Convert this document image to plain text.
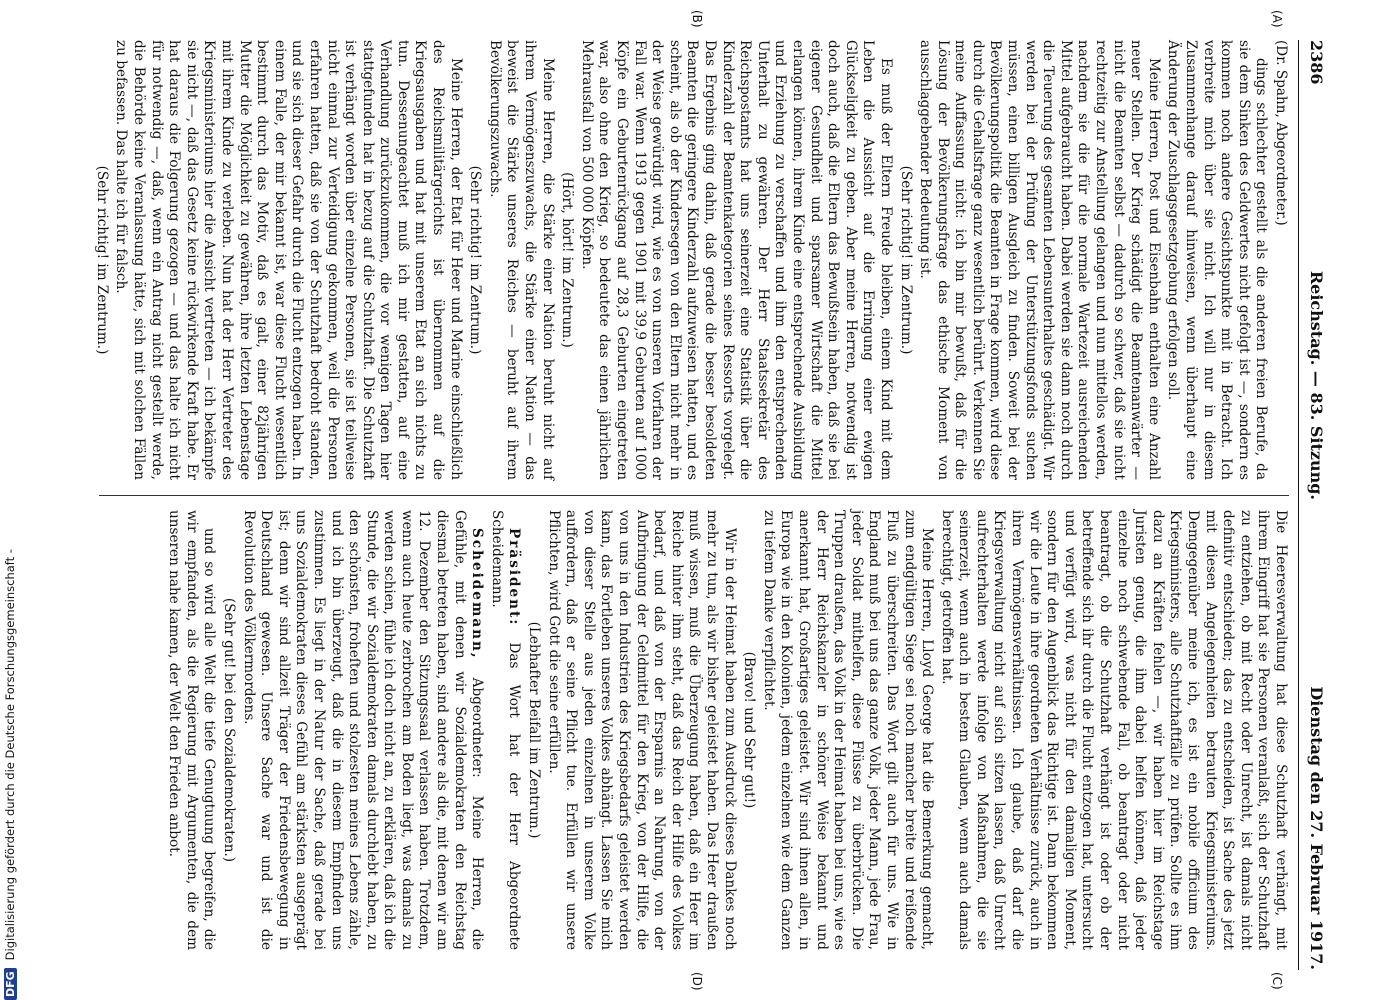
2386
Reichstag. — 83. Sitzung.
Dienstag den 27. Februar 1917.

(Dr. Spahn, Abgeordneter.)

dings schlechter gestellt als die anderen freien Berufe, da sie dem Sinken des Geldwertes nicht gefolgt ist —, sondern es kommen noch andere Gesichtspunkte mit in Betracht. Ich verbreite mich über sie nicht. Ich will nur in diesem Zusammenhange darauf hinweisen, wenn überhaupt eine Änderung der Zuschlagsgesetzgebung erfolgen soll.

Meine Herren, Post und Eisenbahn enthalten eine Anzahl neuer Stellen. Der Krieg schädigt die Beamtenanwärter — nicht die Beamten selbst — dadurch so schwer, daß sie nicht rechtzeitig zur Anstellung gelangen und nun mittellos werden, nachdem sie die für die normale Wartezeit ausreichenden Mittel aufgebraucht haben. Dabei werden sie dann noch durch die Teuerung des gesamten Lebensunterhaltes geschädigt. Wir werden bei der Prüfung der Unterstützungsfonds suchen müssen, einen billigen Ausgleich zu finden. Soweit bei der Bevölkerungspolitik die Beamten in Frage kommen, wird diese durch die Gehaltsfrage ganz wesentlich berührt. Verkennen Sie meine Auffassung nicht: ich bin mir bewußt, daß für die Lösung der Bevölkerungsfrage das ethische Moment von ausschlaggebender Bedeutung ist.

(Sehr richtig! im Zentrum.)

Es muß der Eltern Freude bleiben, einem Kind mit dem Leben die Aussicht auf die Erringung einer ewigen Glückseligkeit zu geben. Aber meine Herren, notwendig ist doch auch, daß die Eltern das Bewußtsein haben, daß sie bei eigener Gesundheit und sparsamer Wirtschaft die Mittel erlangen können, ihrem Kinde eine entsprechende Ausbildung und Erziehung zu verschaffen und ihm den entsprechenden Unterhalt zu gewähren. Der Herr Staatssekretär des Reichspostamts hat uns seinerzeit eine Statistik über die Kinderzahl der Beamtenkategorien seines Ressorts vorgelegt. Das Ergebnis ging dahin, daß gerade die besser besoldeten Beamten die geringere Kinderzahl aufzuweisen hatten, und es scheint, als ob der Kindersegen von den Eltern nicht mehr in der Weise gewürdigt wird, wie es von unseren Vorfahren der Fall war. Wenn 1913 gegen 1901 mit 39,9 Geburten auf 1000 Köpfe ein Geburtenrückgang auf 28,3 Geburten eingetreten war, also ohne den Krieg, so bedeutete das einen jährlichen Mehrausfall von 500 000 Köpfen.

(Hört, hört! im Zentrum.)

Meine Herren, die Stärke einer Nation beruht nicht auf ihrem Vermögenszuwachs, die Stärke einer Nation — das beweist die Stärke unseres Reiches — beruht auf ihrem Bevölkerungszuwachs.

(Sehr richtig! im Zentrum.)

Meine Herren, der Etat für Heer und Marine einschließlich des Reichsmilitärgerichts ist übernommen auf die Kriegsausgaben und hat mit unserem Etat an sich nichts zu tun. Dessenungeachtet muß ich mir gestatten, auf eine Verhandlung zurückzukommen, die vor wenigen Tagen hier stattgefunden hat in bezug auf die Schutzhaft. Die Schutzhaft ist verhängt worden über einzelne Personen, sie ist teilweise nicht einmal zur Verteidigung gekommen, weil die Personen erfahren hatten, daß sie von der Schutzhaft bedroht standen, und sie sich dieser Gefahr durch die Flucht entzogen haben. In einem Falle, der mir bekannt ist, war diese Flucht wesentlich bestimmt durch das Motiv, daß es galt, einer 82jährigen Mutter die Möglichkeit zu gewähren, ihre letzten Lebenstage mit ihrem Kinde zu verleben. Nun hat der Herr Vertreter des Kriegsministeriums hier die Ansicht vertreten — ich bekämpfe sie nicht —, daß das Gesetz keine rückwirkende Kraft habe. Er hat daraus die Folgerung gezogen — und das halte ich nicht für notwendig —, daß, wenn ein Antrag nicht gestellt werde, die Behörde keine Veranlassung hätte, sich mit solchen Fällen zu befassen. Das halte ich für falsch.

(Sehr richtig! im Zentrum.)

Die Heeresverwaltung hat diese Schutzhaft verhängt, mit ihrem Eingriff hat sie Personen veranlaßt, sich der Schutzhaft zu entziehen, ob mit Recht oder Unrecht, ist damals nicht definitiv entschieden; das zu entscheiden, ist Sache des jetzt mit diesen Angelegenheiten betrauten Kriegsministeriums. Demgegenüber meine ich, es ist ein nobile officium des Kriegsministers, alle Schutzhaftfälle zu prüfen. Sollte es ihm dazu an Kräften fehlen —, wir haben hier im Reichstage Juristen genug, die ihm dabei helfen können, daß jeder einzelne noch schwebende Fall, ob beantragt oder nicht beantragt, ob die Schutzhaft verhängt ist oder ob der betreffende sich ihr durch die Flucht entzogen hat, untersucht und verfügt wird, was nicht für den damaligen Moment, sondern für den Augenblick das Richtige ist. Dann bekommen wir die Leute in ihre geordneten Verhältnisse zurück, auch in ihren Vermögensverhältnissen. Ich glaube, daß darf die Kriegsverwaltung nicht auf sich sitzen lassen, daß Unrecht aufrechterhalten werde infolge von Maßnahmen, die sie seinerzeit, wenn auch in bestem Glauben, wenn auch damals berechtigt, getroffen hat.

Meine Herren, Lloyd George hat die Bemerkung gemacht, zum endgültigen Siege sei noch mancher breite und reißende Fluß zu überschreiten. Das Wort gilt auch für uns. Wie in England muß bei uns das ganze Volk, jeder Mann, jede Frau, jeder Soldat mithelfen, diese Flüsse zu überbrücken. Die Truppen draußen, das Volk in der Heimat haben bei uns, wie es der Herr Reichskanzler in schöner Weise bekannt und anerkannt hat, Großartiges geleistet. Wir sind ihnen allen, in Europa wie in den Kolonien, jedem einzelnen wie dem Ganzen zu tiefem Danke verpflichtet.

(Bravo! und Sehr gut!)

Wir in der Heimat haben zum Ausdruck dieses Dankes noch mehr zu tun, als wir bisher geleistet haben. Das Heer draußen muß wissen, muß die Überzeugung haben, daß ein Heer im Reiche hinter ihm steht, daß das Reich der Hilfe des Volkes bedarf, und daß von der Ersparnis an Nahrung, von der Aufbringung der Geldmittel für den Krieg, von der Hilfe, die von uns in den Industrien des Kriegsbedarfs geleistet werden kann, das Fortleben unseres Volkes abhängt. Lassen Sie mich von dieser Stelle aus jeden einzelnen in unserem Volke auffordern, daß er seine Pflicht tue. Erfüllen wir unsere Pflichten, wird Gott die seine erfüllen.

(Lebhafter Beifall im Zentrum.)

Präsident: Das Wort hat der Herr Abgeordnete Scheidemann.

Scheidemann, Abgeordneter: Meine Herren, die Gefühle, mit denen wir Sozialdemokraten den Reichstag diesmal betreten haben, sind andere als die, mit denen wir am 12. Dezember den Sitzungssaal verlassen haben. Trotzdem, wenn auch heute zerbrochen am Boden liegt, was damals zu werden schien, fühle ich doch nicht an, zu erklären, daß ich die Stunde, die wir Sozialdemokraten damals durchlebt haben, zu den schönsten, froheſten und stolzesten meines Lebens zähle, und ich bin überzeugt, daß die in diesem Empfinden uns zustimmen. Es liegt in der Natur der Sache, daß gerade bei uns Sozialdemokraten dieses Gefühl am stärksten ausgeprägt ist; denn wir sind allzeit Träger der Friedensbewegung in Deutschland gewesen. Unsere Sache war und ist die Revolution des Völkermordens.

(Sehr gut! bei den Sozialdemokraten.)

und so wird alle Welt die tiefe Genugtuung begreifen, die wir empfanden, als die Regierung mit Argumenten, die dem unseren nahe kamen, der Welt den Frieden anbot.

(A)
(B)
(C)
(D)
DFG
Digitalisierung gefördert durch die Deutsche Forschungsgemeinschaft -
